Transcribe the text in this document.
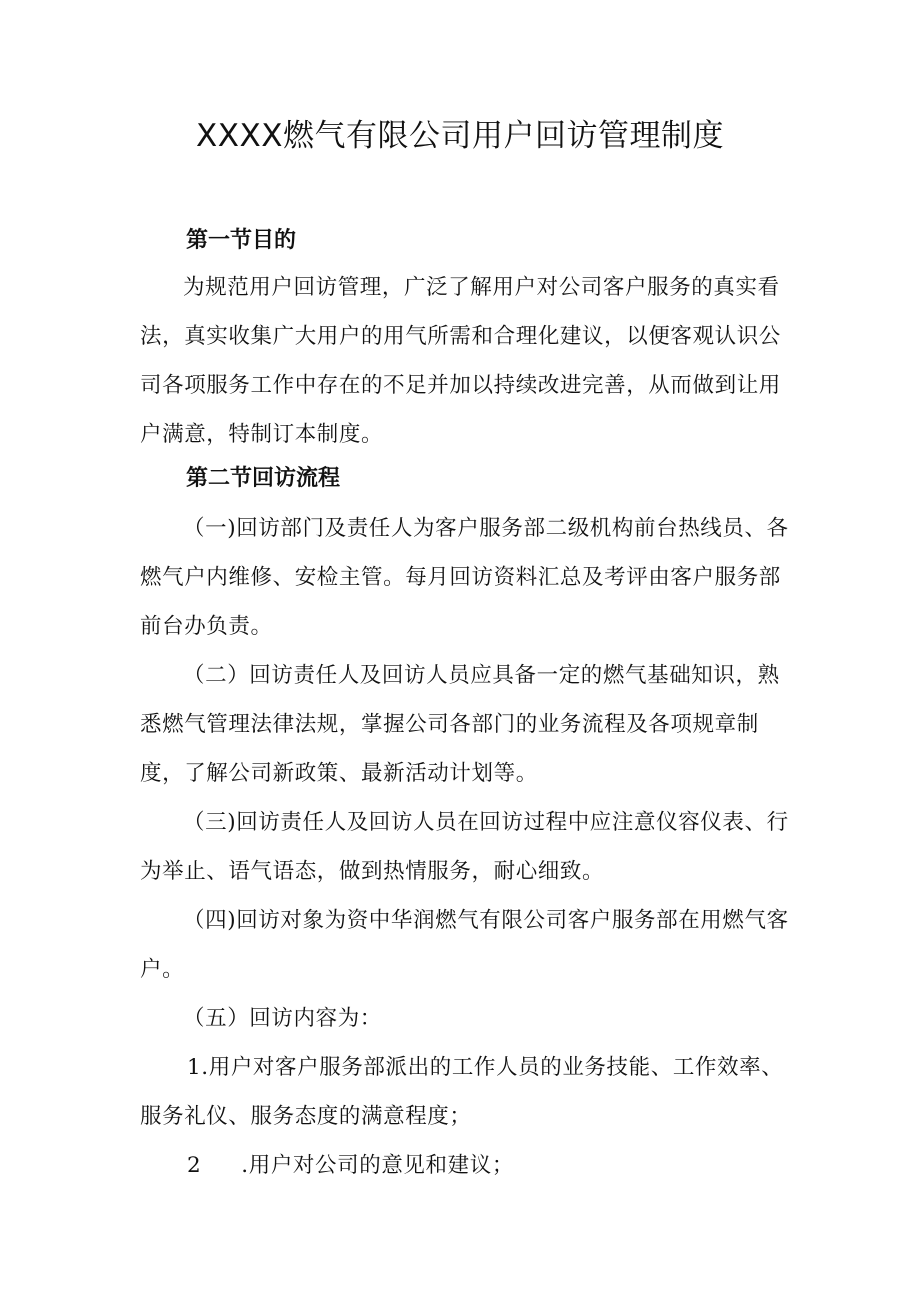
XXXX燃气有限公司用户回访管理制度
第一节目的

为规范用户回访管理，广泛了解用户对公司客户服务的真实看法，真实收集广大用户的用气所需和合理化建议，以便客观认识公司各项服务工作中存在的不足并加以持续改进完善，从而做到让用户满意，特制订本制度。

第二节回访流程

（一)回访部门及责任人为客户服务部二级机构前台热线员、各燃气户内维修、安检主管。每月回访资料汇总及考评由客户服务部前台办负责。

（二）回访责任人及回访人员应具备一定的燃气基础知识，熟悉燃气管理法律法规，掌握公司各部门的业务流程及各项规章制度，了解公司新政策、最新活动计划等。

（三)回访责任人及回访人员在回访过程中应注意仪容仪表、行为举止、语气语态，做到热情服务，耐心细致。

（四)回访对象为资中华润燃气有限公司客户服务部在用燃气客户。

（五）回访内容为：

1.用户对客户服务部派出的工作人员的业务技能、工作效率、服务礼仪、服务态度的满意程度；

2 .用户对公司的意见和建议；
